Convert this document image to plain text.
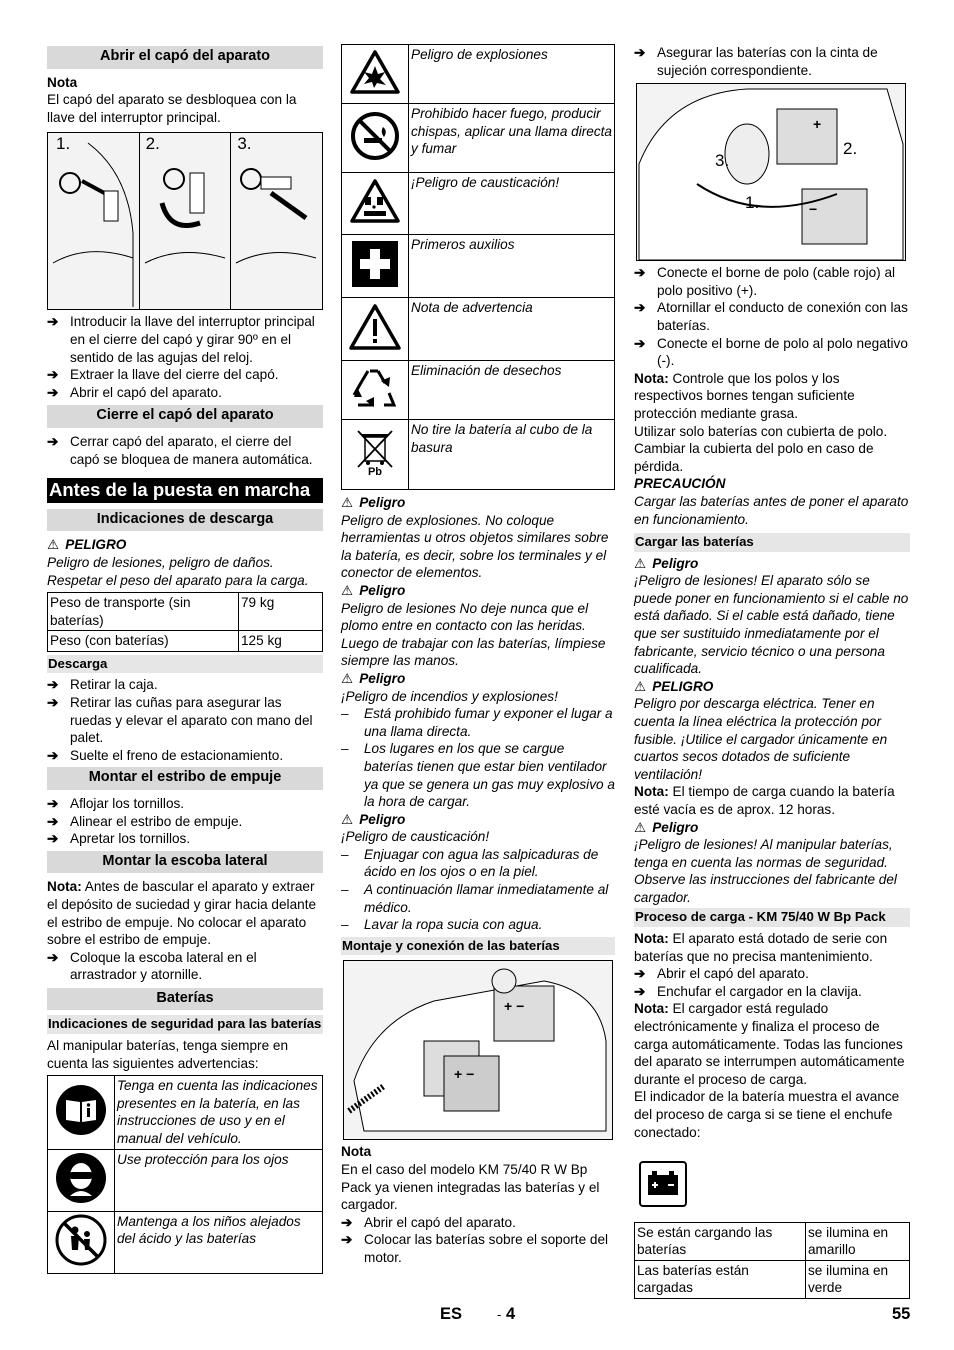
Abrir el capó del aparato

Nota

El capó del aparato se desbloquea con la llave del interruptor principal.

1.	2.	3.
➔ Introducir la llave del interruptor principal en el cierre del capó y girar 90º en el sentido de las agujas del reloj.
➔ Extraer la llave del cierre del capó.
➔ Abrir el capó del aparato.
Cierre el capó del aparato
➔ Cerrar capó del aparato, el cierre del capó se bloquea de manera automática.
Antes de la puesta en marcha
Indicaciones de descarga

⚠ PELIGRO

Peligro de lesiones, peligro de daños. Respetar el peso del aparato para la carga.

Peso de transporte (sin baterías)	79 kg
Peso (con baterías)	125 kg
Descarga
➔ Retirar la caja.
➔ Retirar las cuñas para asegurar las ruedas y elevar el aparato con mano del palet.
➔ Suelte el freno de estacionamiento.
Montar el estribo de empuje
➔ Aflojar los tornillos.
➔ Alinear el estribo de empuje.
➔ Apretar los tornillos.
Montar la escoba lateral

Nota: Antes de bascular el aparato y extraer el depósito de suciedad y girar hacia delante el estribo de empuje. No colocar el aparato sobre el estribo de empuje.

➔ Coloque la escoba lateral en el arrastrador y atornille.
Baterías
Indicaciones de seguridad para las baterías

Al manipular baterías, tenga siempre en cuenta las siguientes advertencias:

	Tenga en cuenta las indicaciones presentes en la batería, en las instrucciones de uso y en el manual del vehículo.
	Use protección para los ojos
	Mantenga a los niños alejados del ácido y las baterías
	Peligro de explosiones
	Prohibido hacer fuego, producir chispas, aplicar una llama directa y fumar
	¡Peligro de causticación!
	Primeros auxilios
	Nota de advertencia
	Eliminación de desechos

Pb	No tire la batería al cubo de la basura

⚠ Peligro

Peligro de explosiones. No coloque herramientas u otros objetos similares sobre la batería, es decir, sobre los terminales y el conector de elementos.

⚠ Peligro

Peligro de lesiones No deje nunca que el plomo entre en contacto con las heridas. Luego de trabajar con las baterías, límpiese siempre las manos.

⚠ Peligro

¡Peligro de incendios y explosiones!

–	Está prohibido fumar y exponer el lugar a una llama directa.
–	Los lugares en los que se cargue baterías tienen que estar bien ventilador ya que se genera un gas muy explosivo a la hora de cargar.

⚠ Peligro

¡Peligro de causticación!

–	Enjuagar con agua las salpicaduras de ácido en los ojos o en la piel.
–	A continuación llamar inmediatamente al médico.
–	Lavar la ropa sucia con agua.
Montaje y conexión de las baterías
+ −
+ −

Nota

En el caso del modelo KM 75/40 R W Bp Pack ya vienen integradas las baterías y el cargador.

➔ Abrir el capó del aparato.
➔ Colocar las baterías sobre el soporte del motor.
➔ Asegurar las baterías con la cinta de sujeción correspondiente.
3.
2.
1.
+
−
➔ Conecte el borne de polo (cable rojo) al polo positivo (+).
➔ Atornillar el conducto de conexión con las baterías.
➔ Conecte el borne de polo al polo negativo (-).

Nota: Controle que los polos y los respectivos bornes tengan suficiente protección mediante grasa.

Utilizar solo baterías con cubierta de polo. Cambiar la cubierta del polo en caso de pérdida.

PRECAUCIÓN

Cargar las baterías antes de poner el aparato en funcionamiento.

Cargar las baterías

⚠ Peligro

¡Peligro de lesiones! El aparato sólo se puede poner en funcionamiento si el cable no está dañado. Si el cable está dañado, tiene que ser sustituido inmediatamente por el fabricante, servicio técnico o una persona cualificada.

⚠ PELIGRO

Peligro por descarga eléctrica. Tener en cuenta la línea eléctrica la protección por fusible. ¡Utilice el cargador únicamente en cuartos secos dotados de suficiente ventilación!

Nota: El tiempo de carga cuando la batería esté vacía es de aprox. 12 horas.

⚠ Peligro

¡Peligro de lesiones! Al manipular baterías, tenga en cuenta las normas de seguridad. Observe las instrucciones del fabricante del cargador.

Proceso de carga - KM 75/40 W Bp Pack

Nota: El aparato está dotado de serie con baterías que no precisa mantenimiento.

➔ Abrir el capó del aparato.
➔ Enchufar el cargador en la clavija.

Nota: El cargador está regulado electrónicamente y finaliza el proceso de carga automáticamente. Todas las funciones del aparato se interrumpen automáticamente durante el proceso de carga.

El indicador de la batería muestra el avance del proceso de carga si se tiene el enchufe conectado:

Se están cargando las baterías	se ilumina en amarillo
Las baterías están cargadas	se ilumina en verde
ES	- 4	55
